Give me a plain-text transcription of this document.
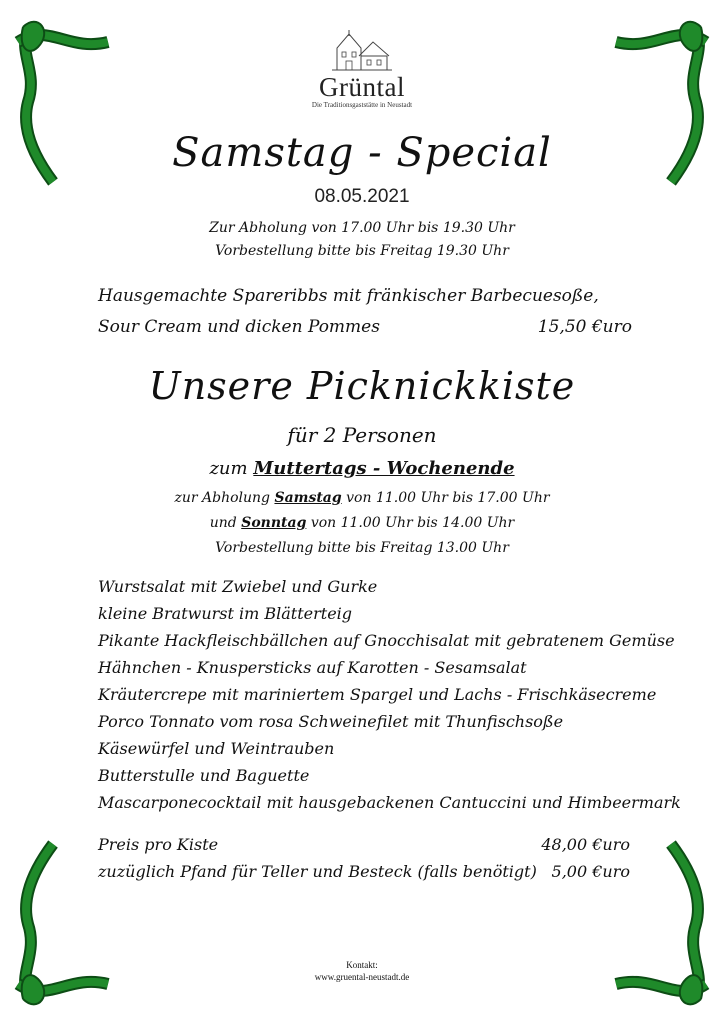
Grüntal
Die Traditionsgaststätte in Neustadt
Samstag - Special
08.05.2021
Zur Abholung von 17.00 Uhr bis 19.30 Uhr
Vorbestellung bitte bis Freitag 19.30 Uhr
Hausgemachte Spareribbs mit fränkischer Barbecuesoße,
Sour Cream und dicken Pommes	15,50 €uro
Unsere Picknickkiste
für 2 Personen
zum Muttertags - Wochenende
zur Abholung Samstag von 11.00 Uhr bis 17.00 Uhr
und Sonntag von 11.00 Uhr bis 14.00 Uhr
Vorbestellung bitte bis Freitag 13.00 Uhr
Wurstsalat mit Zwiebel und Gurke
kleine Bratwurst im Blätterteig
Pikante Hackfleischbällchen auf Gnocchisalat mit gebratenem Gemüse
Hähnchen - Knuspersticks auf Karotten - Sesamsalat
Kräutercrepe mit mariniertem Spargel und Lachs - Frischkäsecreme
Porco Tonnato vom rosa Schweinefilet mit Thunfischsoße
Käsewürfel und Weintrauben
Butterstulle und Baguette
Mascarponecocktail mit hausgebackenen Cantuccini und Himbeermark
Preis pro Kiste	48,00 €uro
zuzüglich Pfand für Teller und Besteck (falls benötigt) 5,00 €uro
Kontakt:
www.gruental-neustadt.de
